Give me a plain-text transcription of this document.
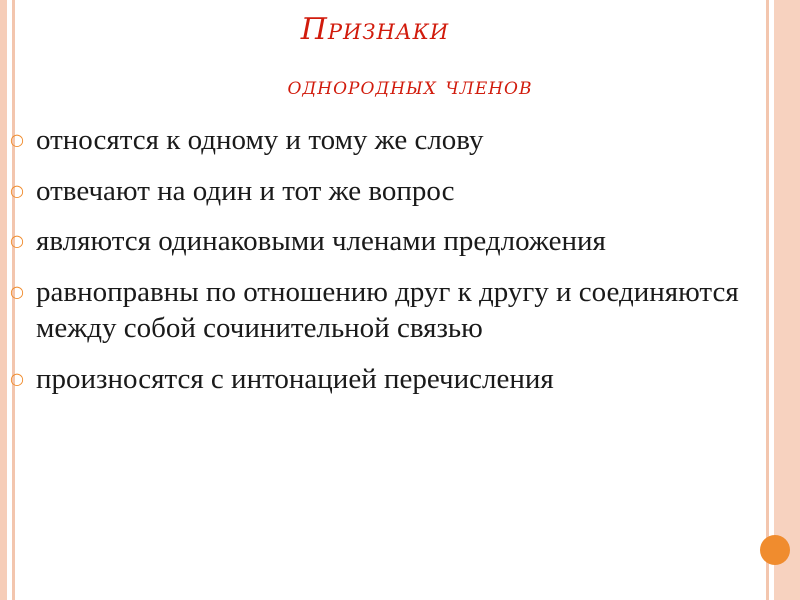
Признаки
однородных членов
○ относятся к одному и тому же слову
○ отвечают на один и тот же вопрос
○ являются одинаковыми членами предложения
○ равноправны по отношению друг к другу и соединяются между собой сочинительной связью
○ произносятся с интонацией перечисления
